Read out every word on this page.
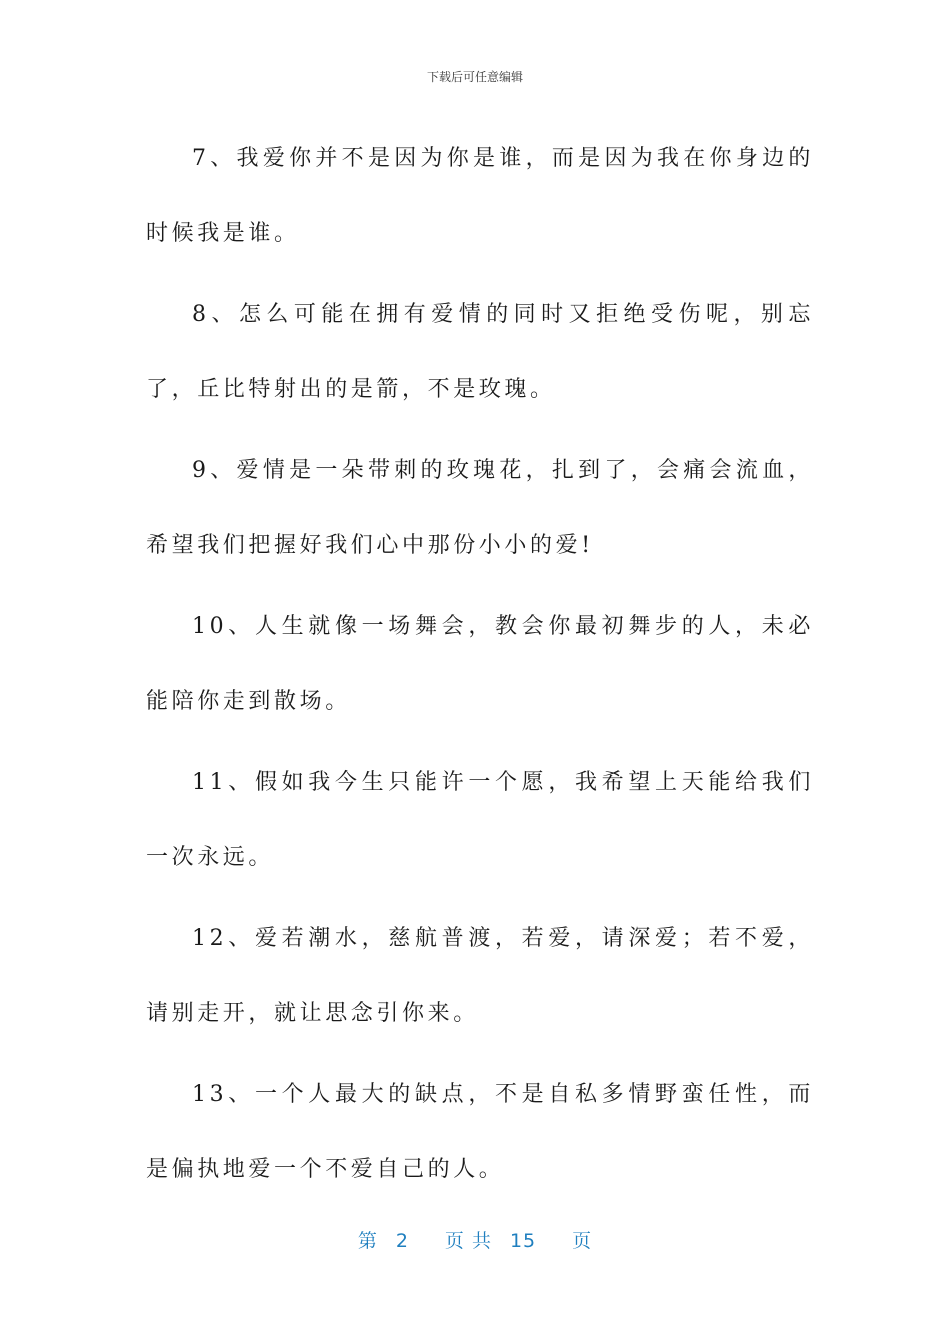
下载后可任意编辑

7、我爱你并不是因为你是谁，而是因为我在你身边的时候我是谁。

8、怎么可能在拥有爱情的同时又拒绝受伤呢，别忘了，丘比特射出的是箭，不是玫瑰。

9、爱情是一朵带刺的玫瑰花，扎到了，会痛会流血，希望我们把握好我们心中那份小小的爱!

10、人生就像一场舞会，教会你最初舞步的人，未必能陪你走到散场。

11、假如我今生只能许一个愿，我希望上天能给我们一次永远。

12、爱若潮水，慈航普渡，若爱，请深爱；若不爱，请别走开，就让思念引你来。

13、一个人最大的缺点，不是自私多情野蛮任性，而是偏执地爱一个不爱自己的人。

第 2 页 共 15 页
